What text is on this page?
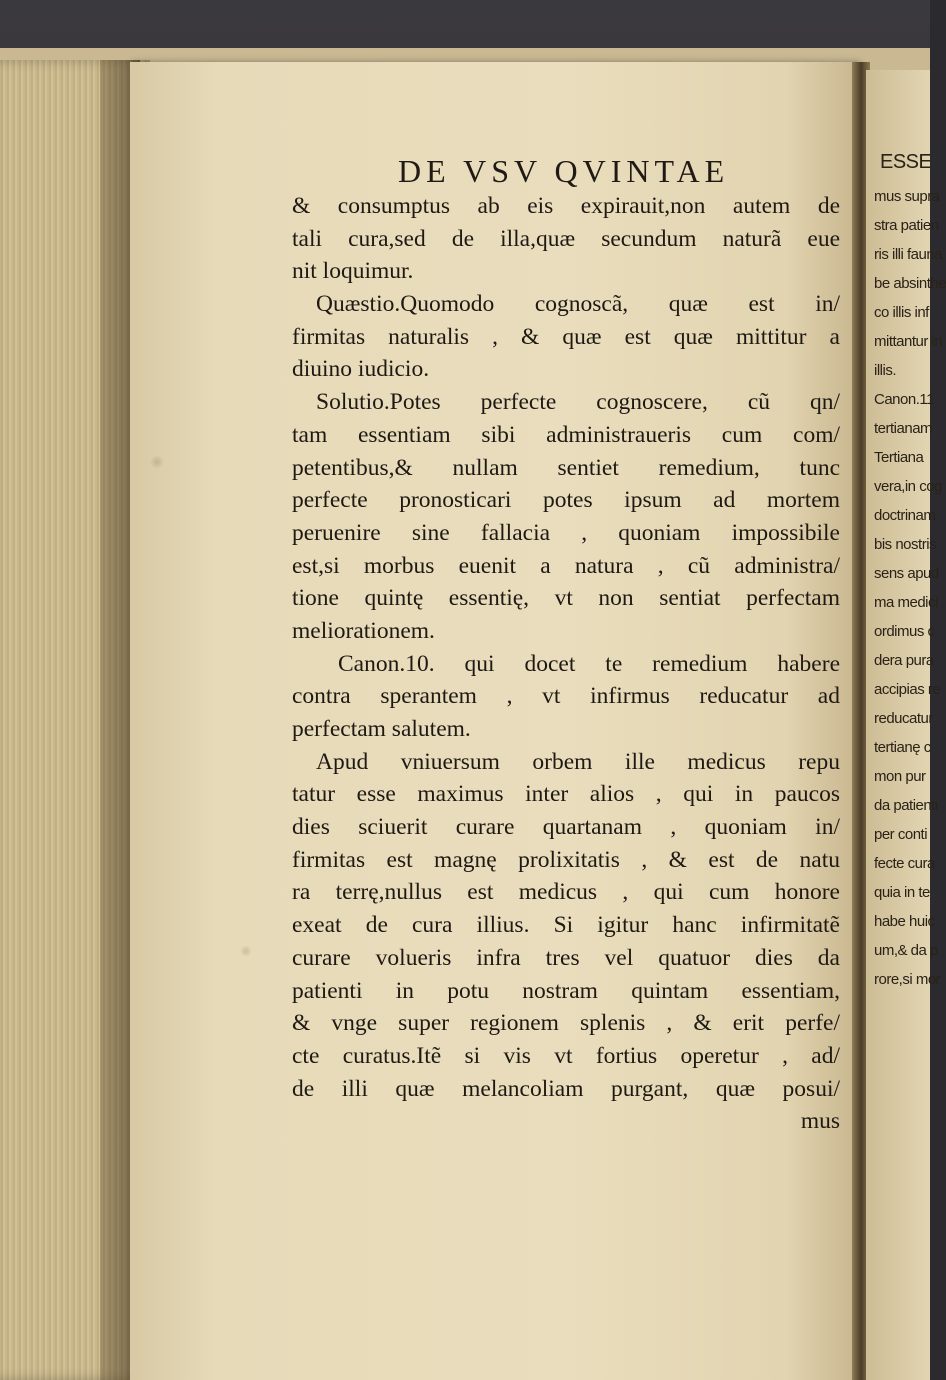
DE VSV QVINTAE
& consumptus ab eis expirauit,non autem de
tali cura,sed de illa,quæ secundum naturã eue
nit loquimur.
Quæstio.Quomodo cognoscã, quæ est in/
firmitas naturalis , & quæ est quæ mittitur a
diuino iudicio.
Solutio.Potes perfecte cognoscere, cũ qn/
tam essentiam sibi administraueris cum com/
petentibus,& nullam sentiet remedium, tunc
perfecte pronosticari potes ipsum ad mortem
peruenire sine fallacia , quoniam impossibile
est,si morbus euenit a natura , cũ administra/
tione quintę essentię, vt non sentiat perfectam
meliorationem.
Canon.10. qui docet te remedium habere
contra sperantem , vt infirmus reducatur ad
perfectam salutem.
Apud vniuersum orbem ille medicus repu
tatur esse maximus inter alios , qui in paucos
dies sciuerit curare quartanam , quoniam in/
firmitas est magnę prolixitatis , & est de natu
ra terrę,nullus est medicus , qui cum honore
exeat de cura illius. Si igitur hanc infirmitatẽ
curare volueris infra tres vel quatuor dies da
patienti in potu nostram quintam essentiam,
& vnge super regionem splenis , & erit perfe/
cte curatus.Itẽ si vis vt fortius operetur , ad/
de illi quæ melancoliam purgant, quæ posui/
mus
ESSE
mus supra
stra patien
ris illi fauna
be absinthe
co illis inf
mittantur in
illis.
Canon.11
tertianam
Tertiana
vera,in cog
doctrinam
bis nostris
sens apud
ma medici
ordimus c
dera pura
accipias re
reducatur
tertianę c
mon pur
da patienti
per conti
fecte cura
quia in te
habe huic
um,& da p
rore,si mor
